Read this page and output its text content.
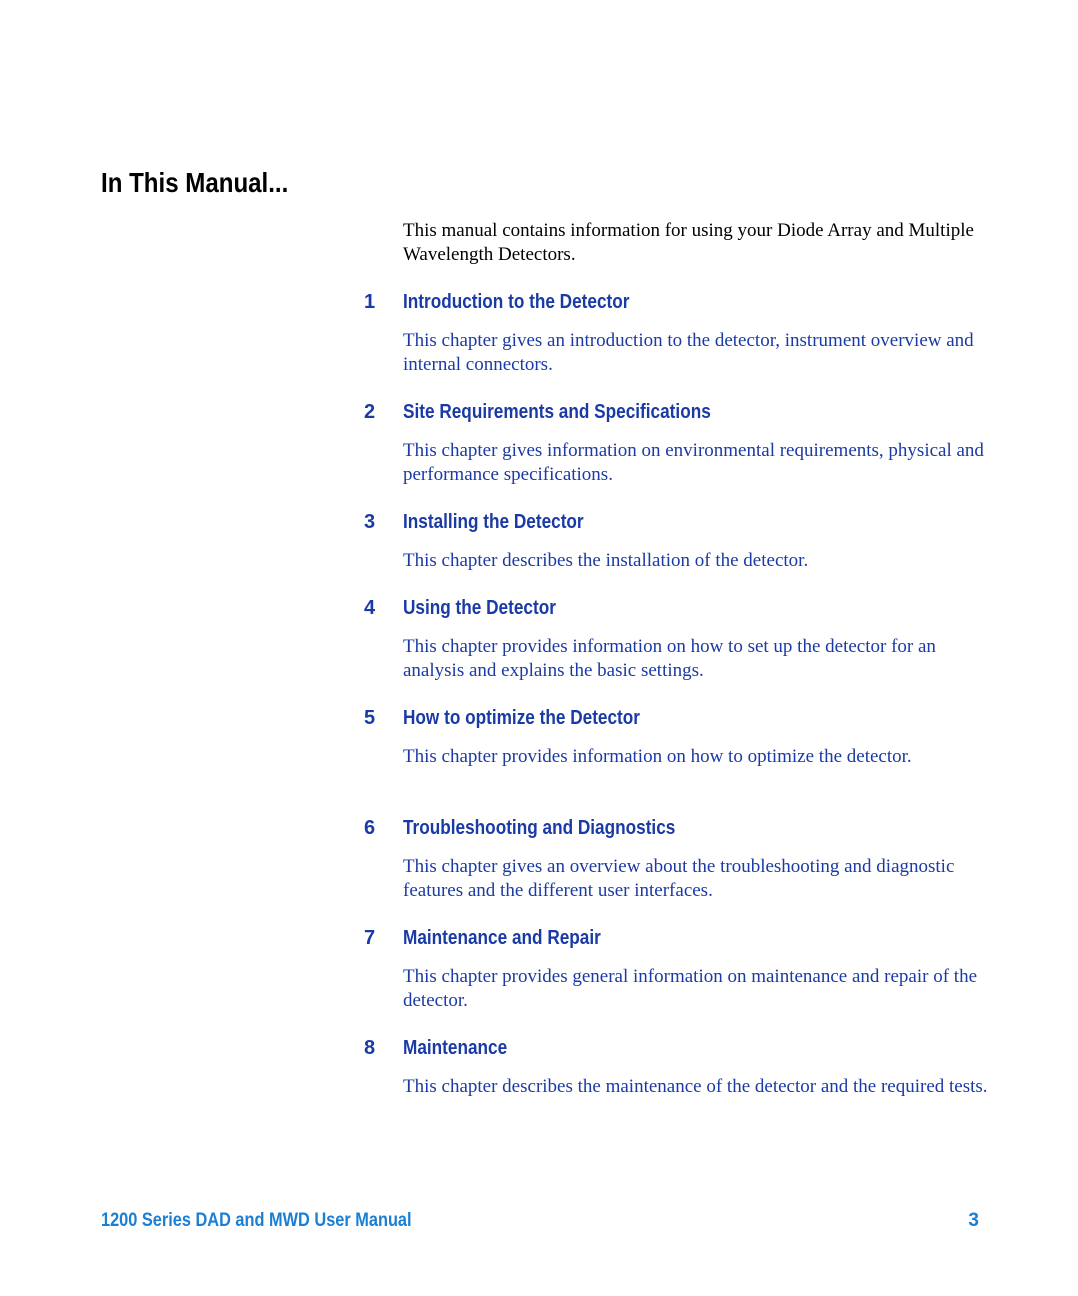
In This Manual...

This manual contains information for using your Diode Array and Multiple Wavelength Detectors.

1 Introduction to the Detector

This chapter gives an introduction to the detector, instrument overview and internal connectors.

2 Site Requirements and Specifications

This chapter gives information on environmental requirements, physical and performance specifications.

3 Installing the Detector

This chapter describes the installation of the detector.

4 Using the Detector

This chapter provides information on how to set up the detector for an analysis and explains the basic settings.

5 How to optimize the Detector

This chapter provides information on how to optimize the detector.

6 Troubleshooting and Diagnostics

This chapter gives an overview about the troubleshooting and diagnostic features and the different user interfaces.

7 Maintenance and Repair

This chapter provides general information on maintenance and repair of the detector.

8 Maintenance

This chapter describes the maintenance of the detector and the required tests.

1200 Series DAD and MWD User Manual	3
